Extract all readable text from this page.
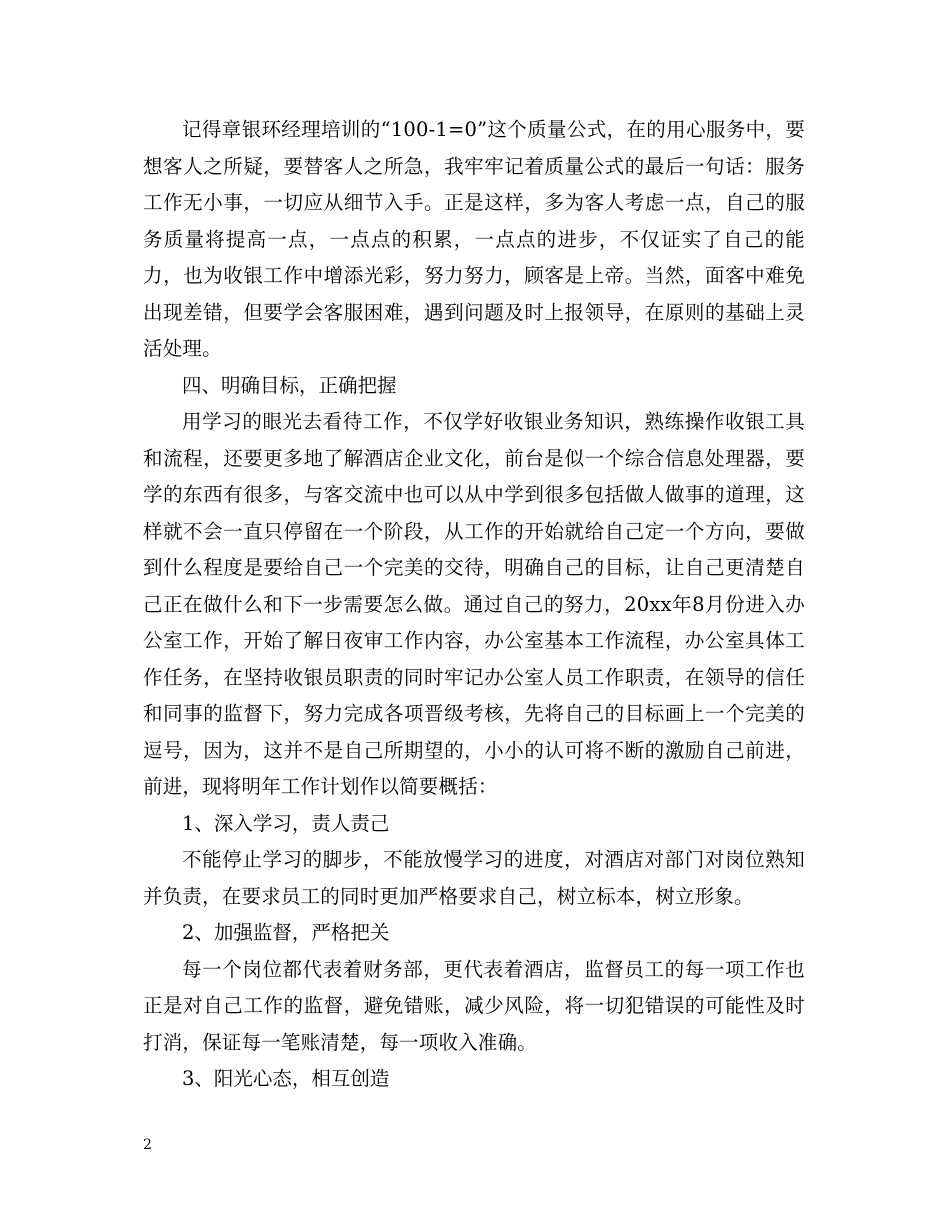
记得章银环经理培训的“100-1=0”这个质量公式，在的用心服务中，要想客人之所疑，要替客人之所急，我牢牢记着质量公式的最后一句话：服务工作无小事，一切应从细节入手。正是这样，多为客人考虑一点，自己的服务质量将提高一点，一点点的积累，一点点的进步，不仅证实了自己的能力，也为收银工作中增添光彩，努力努力，顾客是上帝。当然，面客中难免出现差错，但要学会客服困难，遇到问题及时上报领导，在原则的基础上灵活处理。

四、明确目标，正确把握

用学习的眼光去看待工作，不仅学好收银业务知识，熟练操作收银工具和流程，还要更多地了解酒店企业文化，前台是似一个综合信息处理器，要学的东西有很多，与客交流中也可以从中学到很多包括做人做事的道理，这样就不会一直只停留在一个阶段，从工作的开始就给自己定一个方向，要做到什么程度是要给自己一个完美的交待，明确自己的目标，让自己更清楚自己正在做什么和下一步需要怎么做。通过自己的努力，20xx年8月份进入办公室工作，开始了解日夜审工作内容，办公室基本工作流程，办公室具体工作任务，在坚持收银员职责的同时牢记办公室人员工作职责，在领导的信任和同事的监督下，努力完成各项晋级考核，先将自己的目标画上一个完美的逗号，因为，这并不是自己所期望的，小小的认可将不断的激励自己前进，前进，现将明年工作计划作以简要概括：

1、深入学习，责人责己

不能停止学习的脚步，不能放慢学习的进度，对酒店对部门对岗位熟知并负责，在要求员工的同时更加严格要求自己，树立标本，树立形象。

2、加强监督，严格把关

每一个岗位都代表着财务部，更代表着酒店，监督员工的每一项工作也正是对自己工作的监督，避免错账，减少风险，将一切犯错误的可能性及时打消，保证每一笔账清楚，每一项收入准确。

3、阳光心态，相互创造

2
